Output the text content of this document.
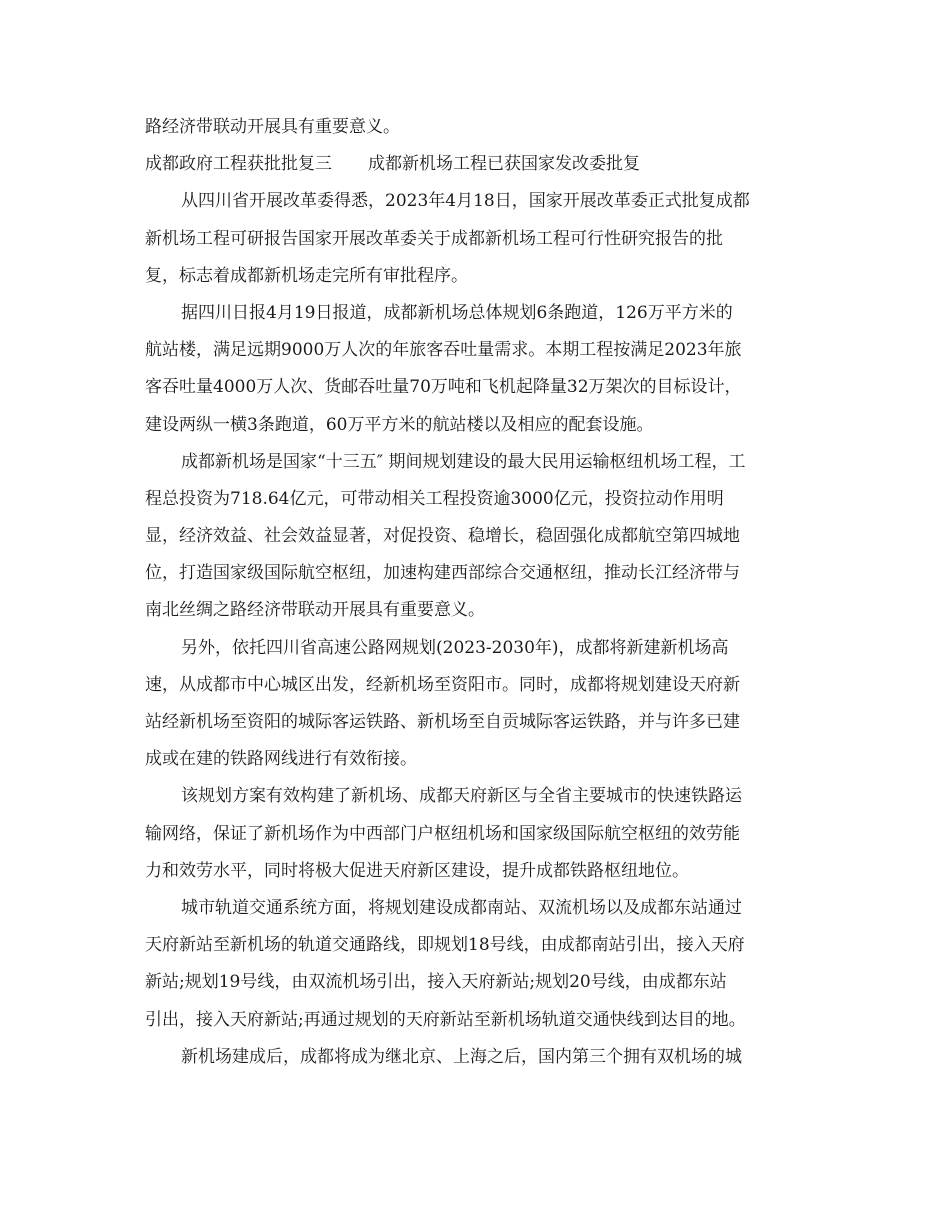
路经济带联动开展具有重要意义。
成都政府工程获批批复三 成都新机场工程已获国家发改委批复
从四川省开展改革委得悉，2023年4月18日，国家开展改革委正式批复成都
新机场工程可研报告国家开展改革委关于成都新机场工程可行性研究报告的批
复，标志着成都新机场走完所有审批程序。
据四川日报4月19日报道，成都新机场总体规划6条跑道，126万平方米的
航站楼，满足远期9000万人次的年旅客吞吐量需求。本期工程按满足2023年旅
客吞吐量4000万人次、货邮吞吐量70万吨和飞机起降量32万架次的目标设计，
建设两纵一横3条跑道，60万平方米的航站楼以及相应的配套设施。
成都新机场是国家“十三五″ 期间规划建设的最大民用运输枢纽机场工程，工
程总投资为718.64亿元，可带动相关工程投资逾3000亿元，投资拉动作用明
显，经济效益、社会效益显著，对促投资、稳增长，稳固强化成都航空第四城地
位，打造国家级国际航空枢纽，加速构建西部综合交通枢纽，推动长江经济带与
南北丝绸之路经济带联动开展具有重要意义。
另外，依托四川省高速公路网规划(2023-2030年)，成都将新建新机场高
速，从成都市中心城区出发，经新机场至资阳市。同时，成都将规划建设天府新
站经新机场至资阳的城际客运铁路、新机场至自贡城际客运铁路，并与许多已建
成或在建的铁路网线进行有效衔接。
该规划方案有效构建了新机场、成都天府新区与全省主要城市的快速铁路运
输网络，保证了新机场作为中西部门户枢纽机场和国家级国际航空枢纽的效劳能
力和效劳水平，同时将极大促进天府新区建设，提升成都铁路枢纽地位。
城市轨道交通系统方面，将规划建设成都南站、双流机场以及成都东站通过
天府新站至新机场的轨道交通路线，即规划18号线，由成都南站引出，接入天府
新站;规划19号线，由双流机场引出，接入天府新站;规划20号线，由成都东站
引出，接入天府新站;再通过规划的天府新站至新机场轨道交通快线到达目的地。
新机场建成后，成都将成为继北京、上海之后，国内第三个拥有双机场的城
